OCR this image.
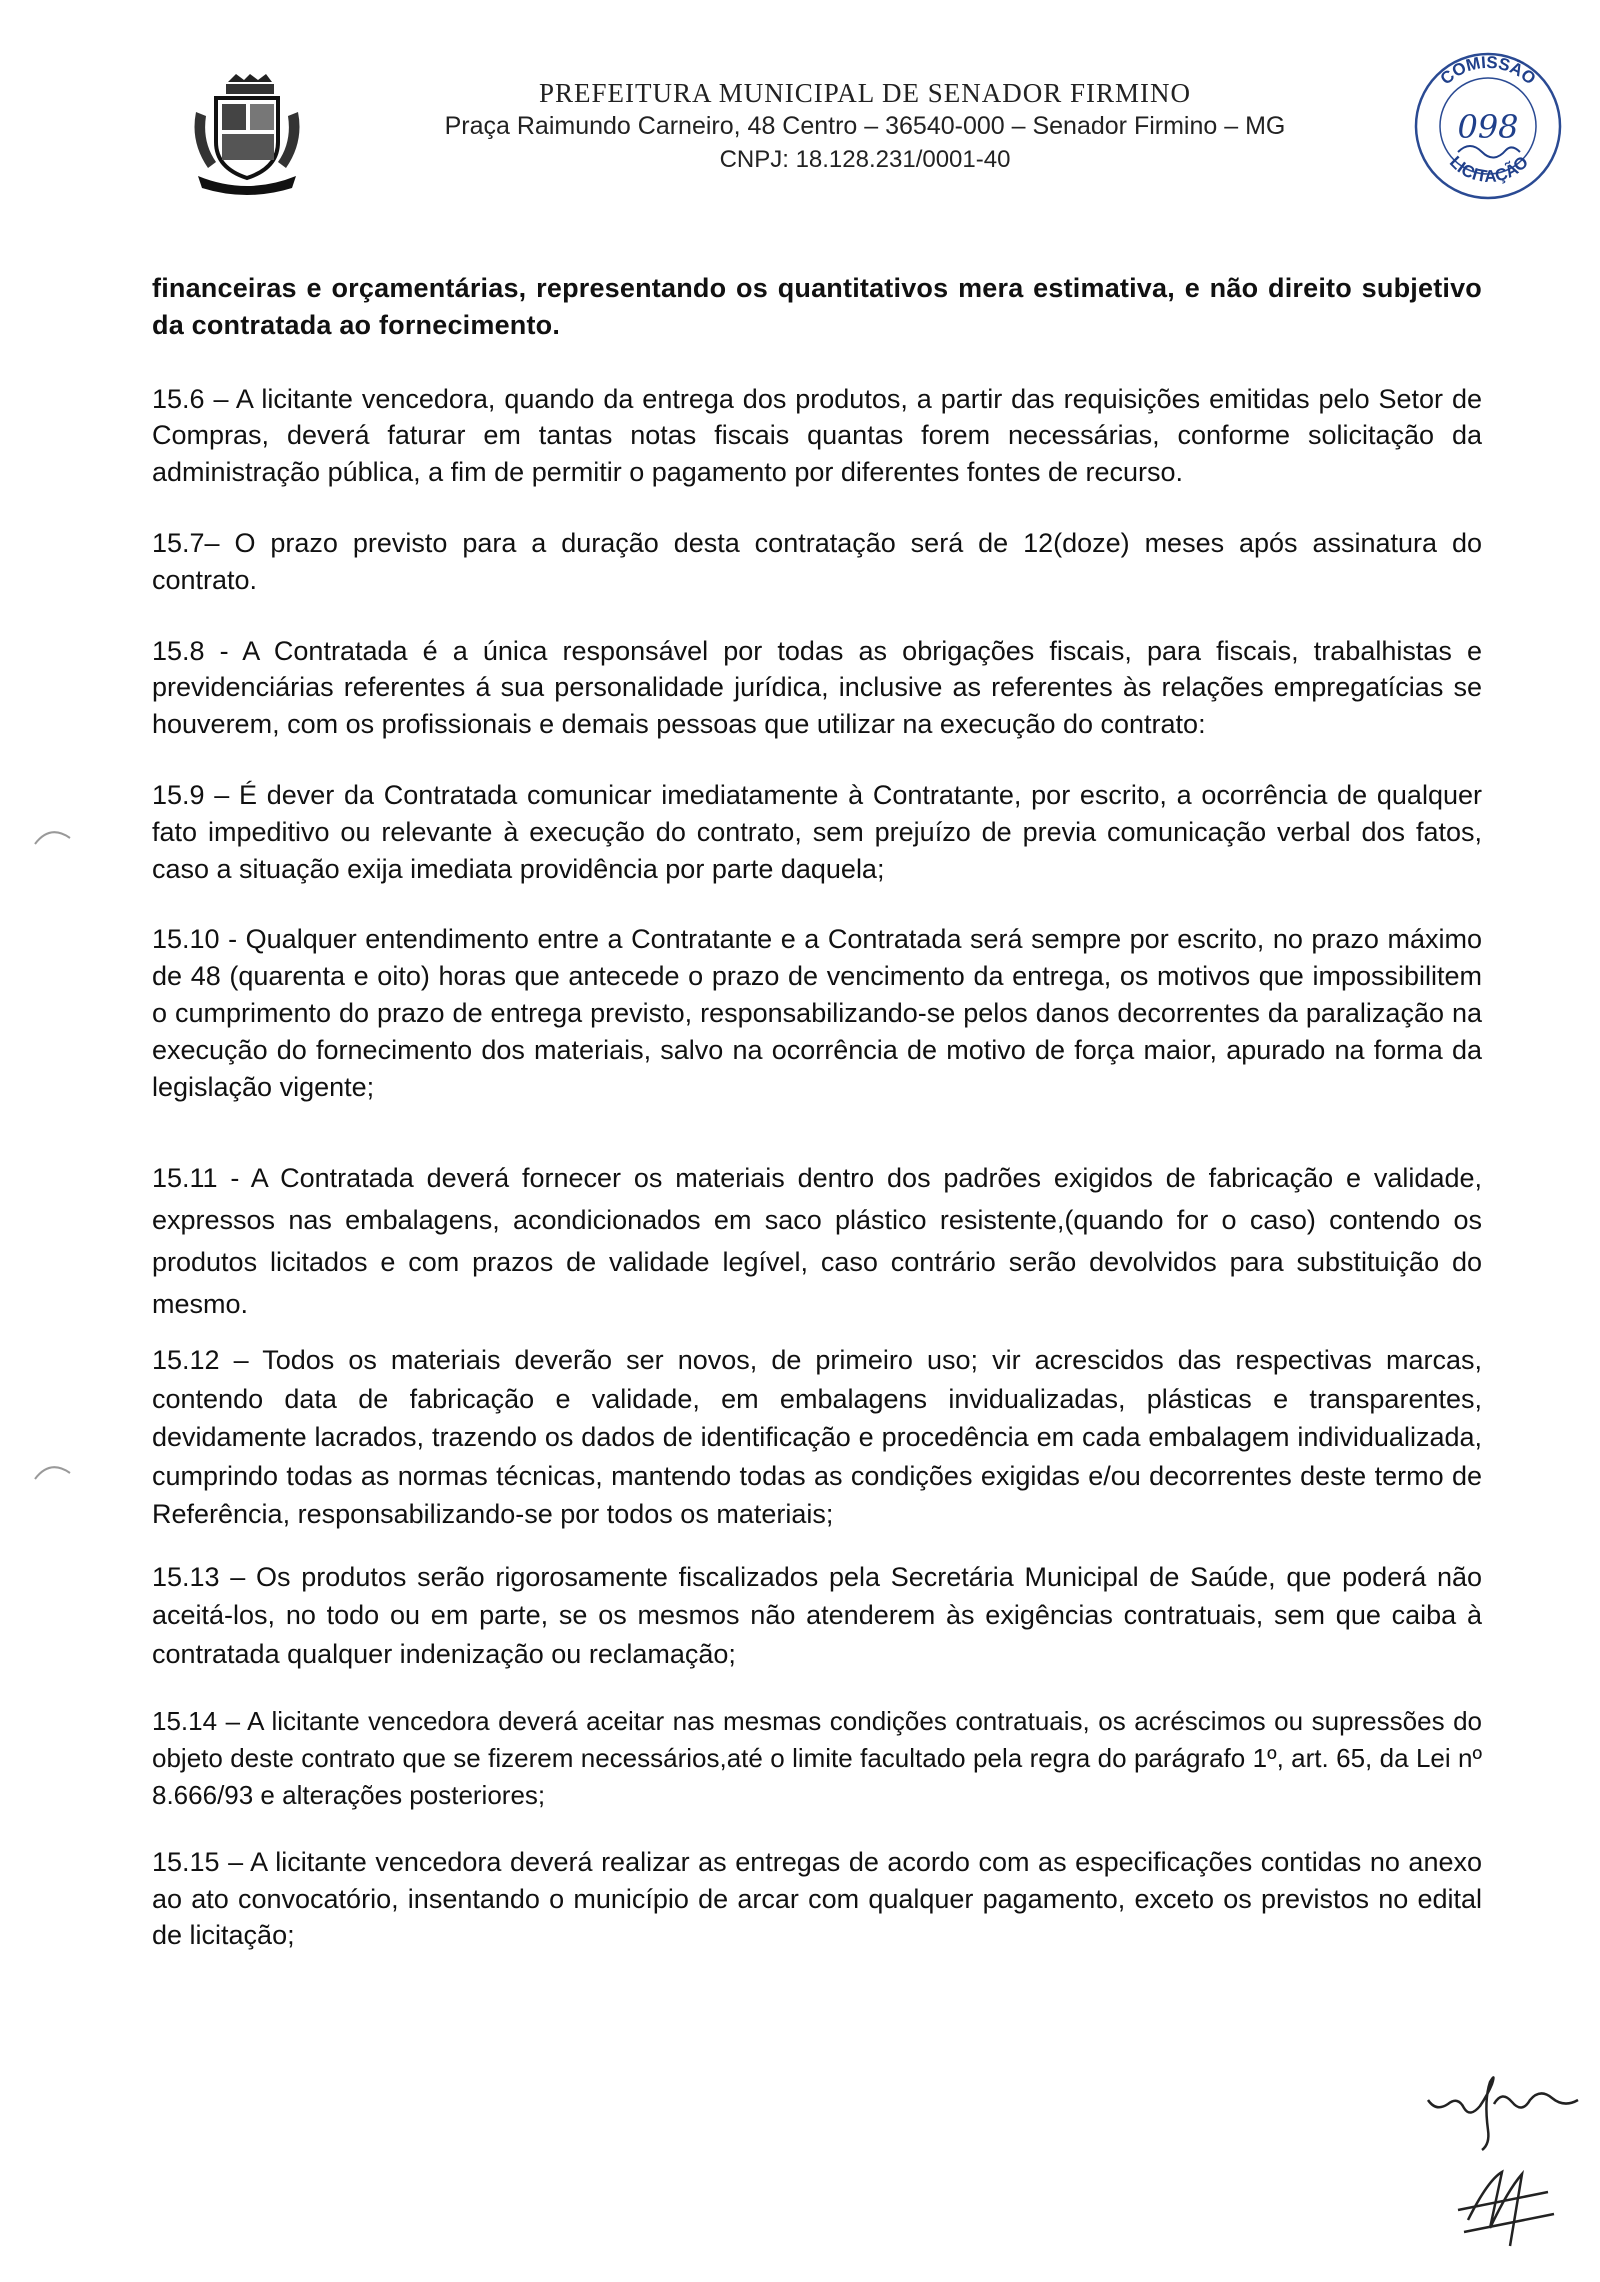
PREFEITURA MUNICIPAL DE SENADOR FIRMINO
Praça Raimundo Carneiro, 48 Centro – 36540-000 – Senador Firmino – MG
CNPJ: 18.128.231/0001-40
COMISSÃO
LICITAÇÃO
098

financeiras e orçamentárias, representando os quantitativos mera estimativa, e não direito subjetivo da contratada ao fornecimento.

15.6 – A licitante vencedora, quando da entrega dos produtos, a partir das requisições emitidas pelo Setor de Compras, deverá faturar em tantas notas fiscais quantas forem necessárias, conforme solicitação da administração pública, a fim de permitir o pagamento por diferentes fontes de recurso.

15.7– O prazo previsto para a duração desta contratação será de 12(doze) meses após assinatura do contrato.

15.8 - A Contratada é a única responsável por todas as obrigações fiscais, para fiscais, trabalhistas e previdenciárias referentes á sua personalidade jurídica, inclusive as referentes às relações empregatícias se houverem, com os profissionais e demais pessoas que utilizar na execução do contrato:

15.9 – É dever da Contratada comunicar imediatamente à Contratante, por escrito, a ocorrência de qualquer fato impeditivo ou relevante à execução do contrato, sem prejuízo de previa comunicação verbal dos fatos, caso a situação exija imediata providência por parte daquela;

15.10 - Qualquer entendimento entre a Contratante e a Contratada será sempre por escrito, no prazo máximo de 48 (quarenta e oito) horas que antecede o prazo de vencimento da entrega, os motivos que impossibilitem o cumprimento do prazo de entrega previsto, responsabilizando-se pelos danos decorrentes da paralização na execução do fornecimento dos materiais, salvo na ocorrência de motivo de força maior, apurado na forma da legislação vigente;

15.11 - A Contratada deverá fornecer os materiais dentro dos padrões exigidos de fabricação e validade, expressos nas embalagens, acondicionados em saco plástico resistente,(quando for o caso) contendo os produtos licitados e com prazos de validade legível, caso contrário serão devolvidos para substituição do mesmo.

15.12 – Todos os materiais deverão ser novos, de primeiro uso; vir acrescidos das respectivas marcas, contendo data de fabricação e validade, em embalagens invidualizadas, plásticas e transparentes, devidamente lacrados, trazendo os dados de identificação e procedência em cada embalagem individualizada, cumprindo todas as normas técnicas, mantendo todas as condições exigidas e/ou decorrentes deste termo de Referência, responsabilizando-se por todos os materiais;

15.13 – Os produtos serão rigorosamente fiscalizados pela Secretária Municipal de Saúde, que poderá não aceitá-los, no todo ou em parte, se os mesmos não atenderem às exigências contratuais, sem que caiba à contratada qualquer indenização ou reclamação;

15.14 – A licitante vencedora deverá aceitar nas mesmas condições contratuais, os acréscimos ou supressões do objeto deste contrato que se fizerem necessários,até o limite facultado pela regra do parágrafo 1º, art. 65, da Lei nº 8.666/93 e alterações posteriores;

15.15 – A licitante vencedora deverá realizar as entregas de acordo com as especificações contidas no anexo ao ato convocatório, insentando o município de arcar com qualquer pagamento, exceto os previstos no edital de licitação;
